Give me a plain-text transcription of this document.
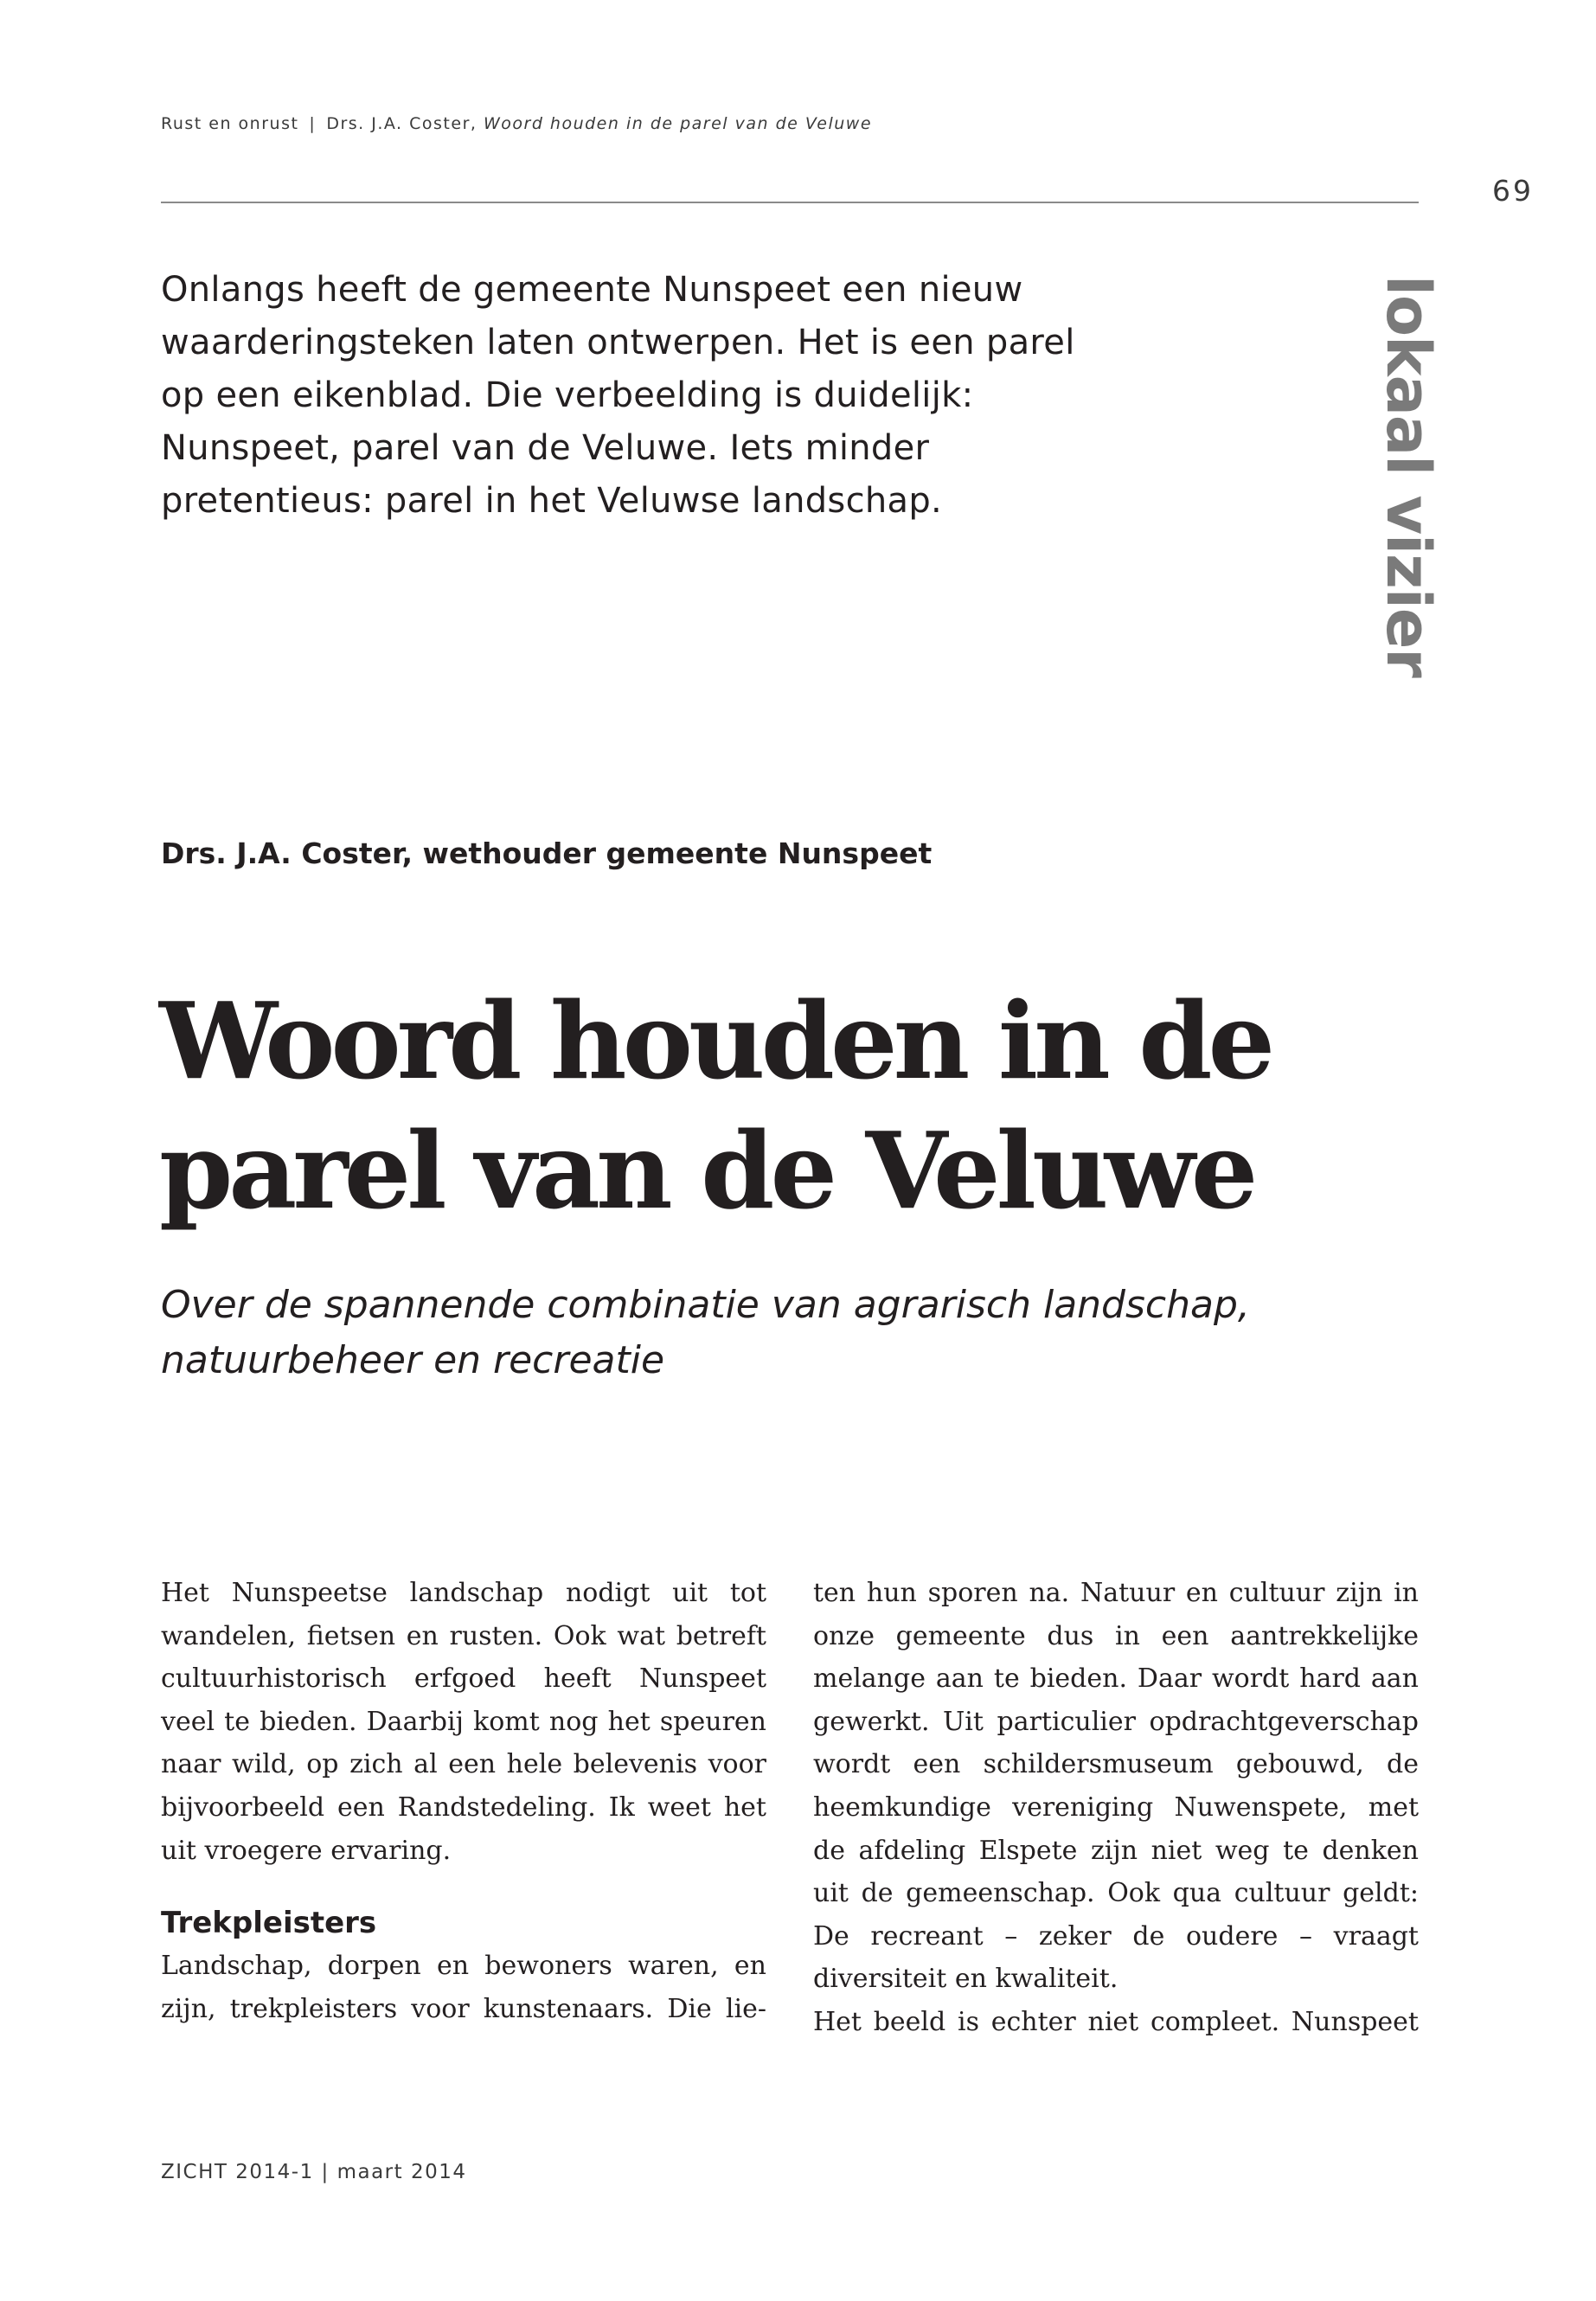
Rust en onrust | Drs. J.A. Coster, Woord houden in de parel van de Veluwe
69
Onlangs heeft de gemeente Nunspeet een nieuw waarderingsteken laten ontwerpen. Het is een parel op een eikenblad. Die verbeelding is duidelijk: Nunspeet, parel van de Veluwe. Iets minder pretentieus: parel in het Veluwse landschap.	lokaal vizier
Drs. J.A. Coster, wethouder gemeente Nunspeet
Woord houden in de parel van de Veluwe
Over de spannende combinatie van agrarisch landschap, natuurbeheer en recreatie

Het Nunspeetse landschap nodigt uit tot wandelen, fietsen en rusten. Ook wat betreft cultuurhistorisch erfgoed heeft Nunspeet veel te bieden. Daarbij komt nog het speuren naar wild, op zich al een hele belevenis voor bijvoorbeeld een Randstedeling. Ik weet het uit vroegere ervaring.

Trekpleisters

Landschap, dorpen en bewoners waren, en zijn, trekpleisters voor kunstenaars. Die lie-

ten hun sporen na. Natuur en cultuur zijn in onze gemeente dus in een aantrekkelijke melange aan te bieden. Daar wordt hard aan gewerkt. Uit particulier opdrachtgeverschap wordt een schildersmuseum gebouwd, de heemkundige vereniging Nuwenspete, met de afdeling Elspete zijn niet weg te denken uit de gemeenschap. Ook qua cultuur geldt: De recreant – zeker de oudere – vraagt diversiteit en kwaliteit.

Het beeld is echter niet compleet. Nunspeet

ZICHT 2014-1 | maart 2014
